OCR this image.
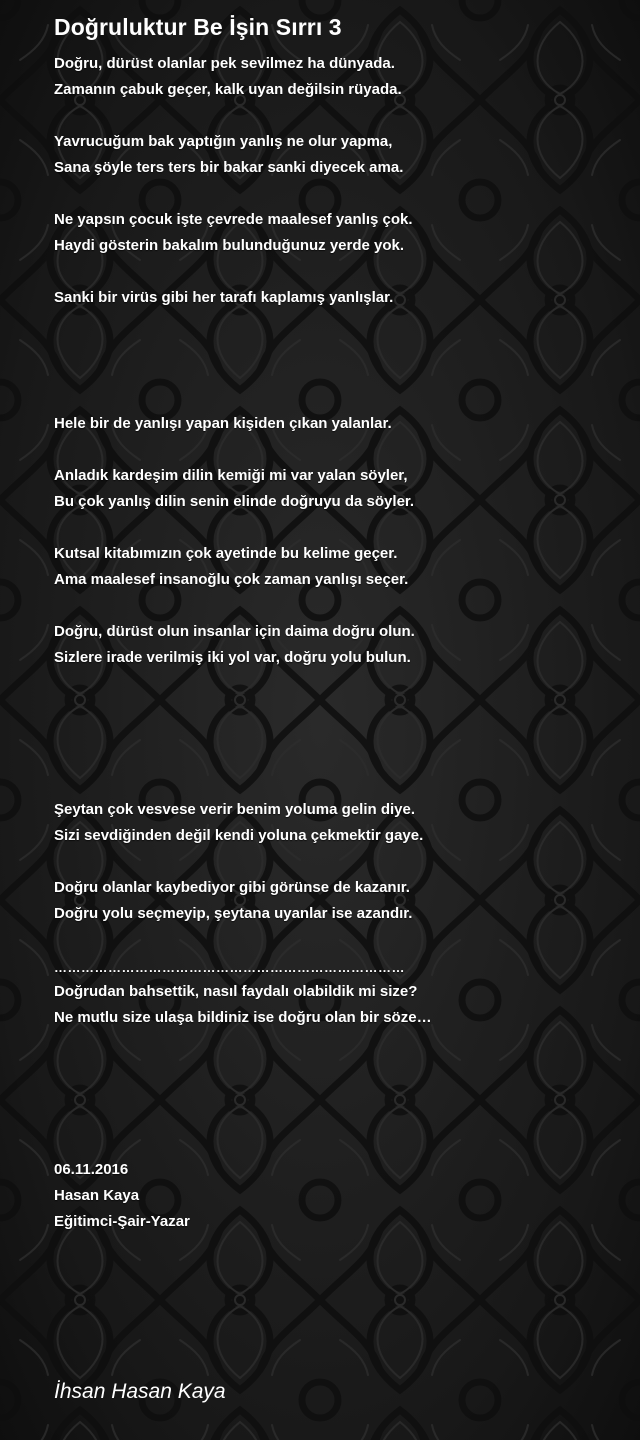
Doğruluktur Be İşin Sırrı 3

Doğru, dürüst olanlar pek sevilmez ha dünyada.

Zamanın çabuk geçer, kalk uyan değilsin rüyada.

Yavrucuğum bak yaptığın yanlış ne olur yapma,

Sana şöyle ters ters bir bakar sanki diyecek ama.

Ne yapsın çocuk işte çevrede maalesef yanlış çok.

Haydi gösterin bakalım bulunduğunuz yerde yok.

Sanki bir virüs gibi her tarafı kaplamış yanlışlar.

Hele bir de yanlışı yapan kişiden çıkan yalanlar.

Anladık kardeşim dilin kemiği mi var yalan söyler,

Bu çok yanlış dilin senin elinde doğruyu da söyler.

Kutsal kitabımızın çok ayetinde bu kelime geçer.

Ama maalesef insanoğlu çok zaman yanlışı seçer.

Doğru, dürüst olun insanlar için daima doğru olun.

Sizlere irade verilmiş iki yol var, doğru yolu bulun.

Şeytan çok vesvese verir benim yoluma gelin diye.

Sizi sevdiğinden değil kendi yoluna çekmektir gaye.

Doğru olanlar kaybediyor gibi görünse de kazanır.

Doğru yolu seçmeyip, şeytana uyanlar ise azandır.

……………………………………………………………………

Doğrudan bahsettik, nasıl faydalı olabildik mi size?

Ne mutlu size ulaşa bildiniz ise doğru olan bir söze…

06.11.2016

Hasan Kaya

Eğitimci-Şair-Yazar

İhsan Hasan Kaya
